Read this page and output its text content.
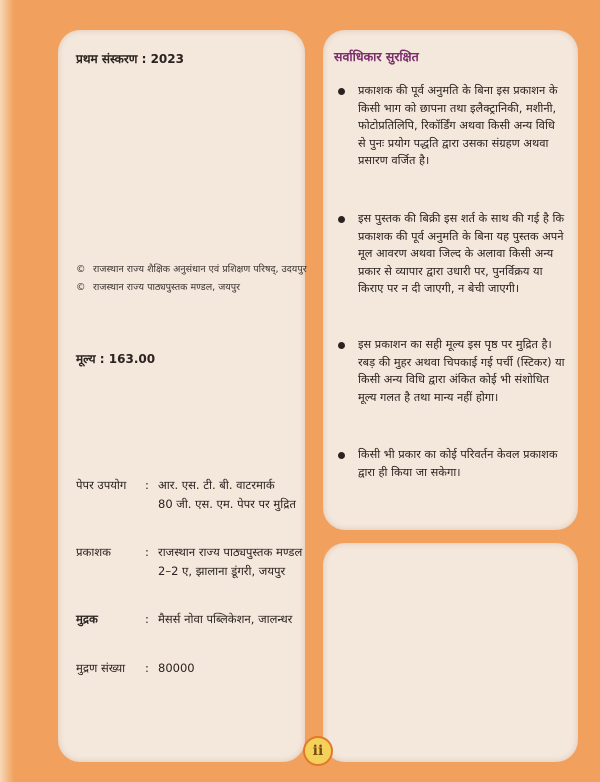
प्रथम संस्करण : 2023
© राजस्थान राज्य शैक्षिक अनुसंधान एवं प्रशिक्षण परिषद्, उदयपुर
© राजस्थान राज्य पाठ्यपुस्तक मण्डल, जयपुर
मूल्य : 163.00
पेपर उपयोग : आर. एस. टी. बी. वाटरमार्क
80 जी. एस. एम. पेपर पर मुद्रित
प्रकाशक	: राजस्थान राज्य पाठ्यपुस्तक मण्डल
2–2 ए, झालाना डूंगरी, जयपुर
मुद्रक	: मैसर्स नोवा पब्लिकेशन, जालन्धर
मुद्रण संख्या : 80000
सर्वाधिकार सुरक्षित
प्रकाशक की पूर्व अनुमति के बिना इस प्रकाशन के किसी भाग को छापना तथा इलैक्ट्रानिकी, मशीनी, फोटोप्रतिलिपि, रिकॉर्डिंग अथवा किसी अन्य विधि से पुनः प्रयोग पद्धति द्वारा उसका संग्रहण अथवा प्रसारण वर्जित है।
इस पुस्तक की बिक्री इस शर्त के साथ की गई है कि प्रकाशक की पूर्व अनुमति के बिना यह पुस्तक अपने मूल आवरण अथवा जिल्द के अलावा किसी अन्य प्रकार से व्यापार द्वारा उधारी पर, पुनर्विक्रय या किराए पर न दी जाएगी, न बेची जाएगी।
इस प्रकाशन का सही मूल्य इस पृष्ठ पर मुद्रित है। रबड़ की मुहर अथवा चिपकाई गई पर्ची (स्टिकर) या किसी अन्य विधि द्वारा अंकित कोई भी संशोधित मूल्य गलत है तथा मान्य नहीं होगा।
किसी भी प्रकार का कोई परिवर्तन केवल प्रकाशक द्वारा ही किया जा सकेगा।
ii
